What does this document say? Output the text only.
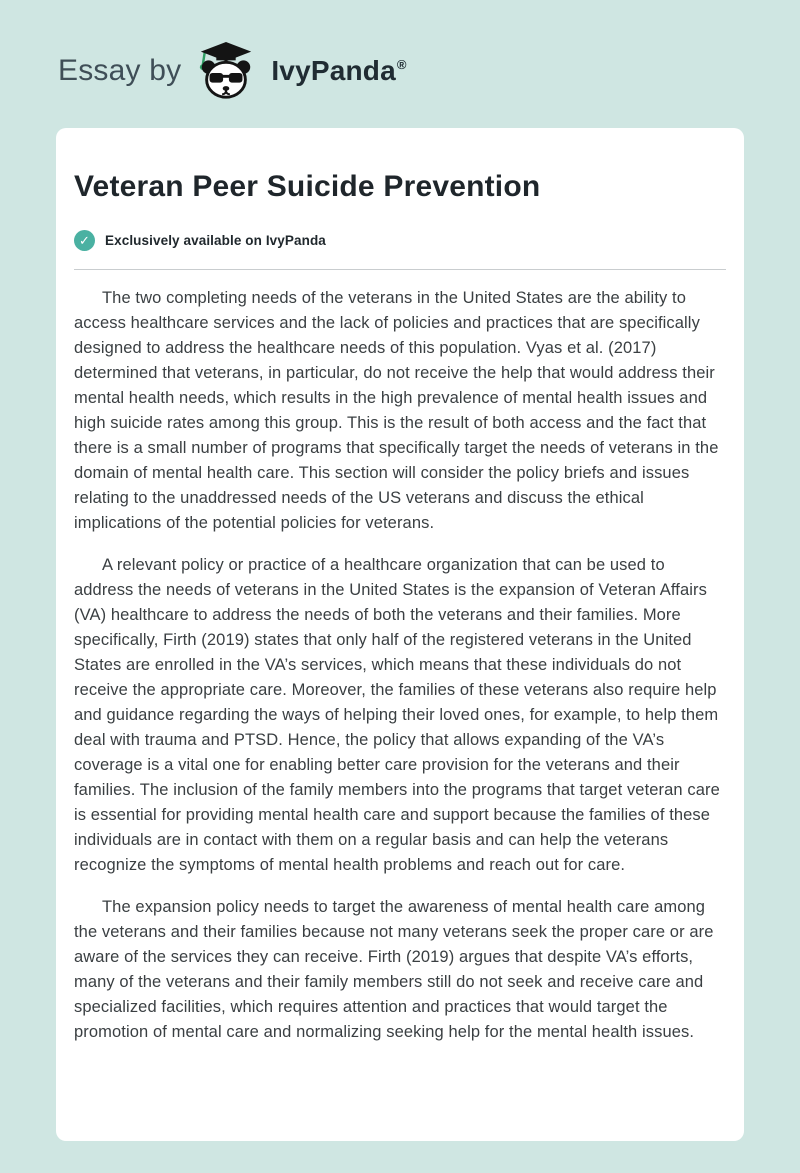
Essay by	IvyPanda ®
Veteran Peer Suicide Prevention
✓	Exclusively available on IvyPanda

The two completing needs of the veterans in the United States are the ability to access healthcare services and the lack of policies and practices that are specifically designed to address the healthcare needs of this population. Vyas et al. (2017) determined that veterans, in particular, do not receive the help that would address their mental health needs, which results in the high prevalence of mental health issues and high suicide rates among this group. This is the result of both access and the fact that there is a small number of programs that specifically target the needs of veterans in the domain of mental health care. This section will consider the policy briefs and issues relating to the unaddressed needs of the US veterans and discuss the ethical implications of the potential policies for veterans.

A relevant policy or practice of a healthcare organization that can be used to address the needs of veterans in the United States is the expansion of Veteran Affairs (VA) healthcare to address the needs of both the veterans and their families. More specifically, Firth (2019) states that only half of the registered veterans in the United States are enrolled in the VA’s services, which means that these individuals do not receive the appropriate care. Moreover, the families of these veterans also require help and guidance regarding the ways of helping their loved ones, for example, to help them deal with trauma and PTSD. Hence, the policy that allows expanding of the VA’s coverage is a vital one for enabling better care provision for the veterans and their families. The inclusion of the family members into the programs that target veteran care is essential for providing mental health care and support because the families of these individuals are in contact with them on a regular basis and can help the veterans recognize the symptoms of mental health problems and reach out for care.

The expansion policy needs to target the awareness of mental health care among the veterans and their families because not many veterans seek the proper care or are aware of the services they can receive. Firth (2019) argues that despite VA’s efforts, many of the veterans and their family members still do not seek and receive care and specialized facilities, which requires attention and practices that would target the promotion of mental care and normalizing seeking help for the mental health issues.
